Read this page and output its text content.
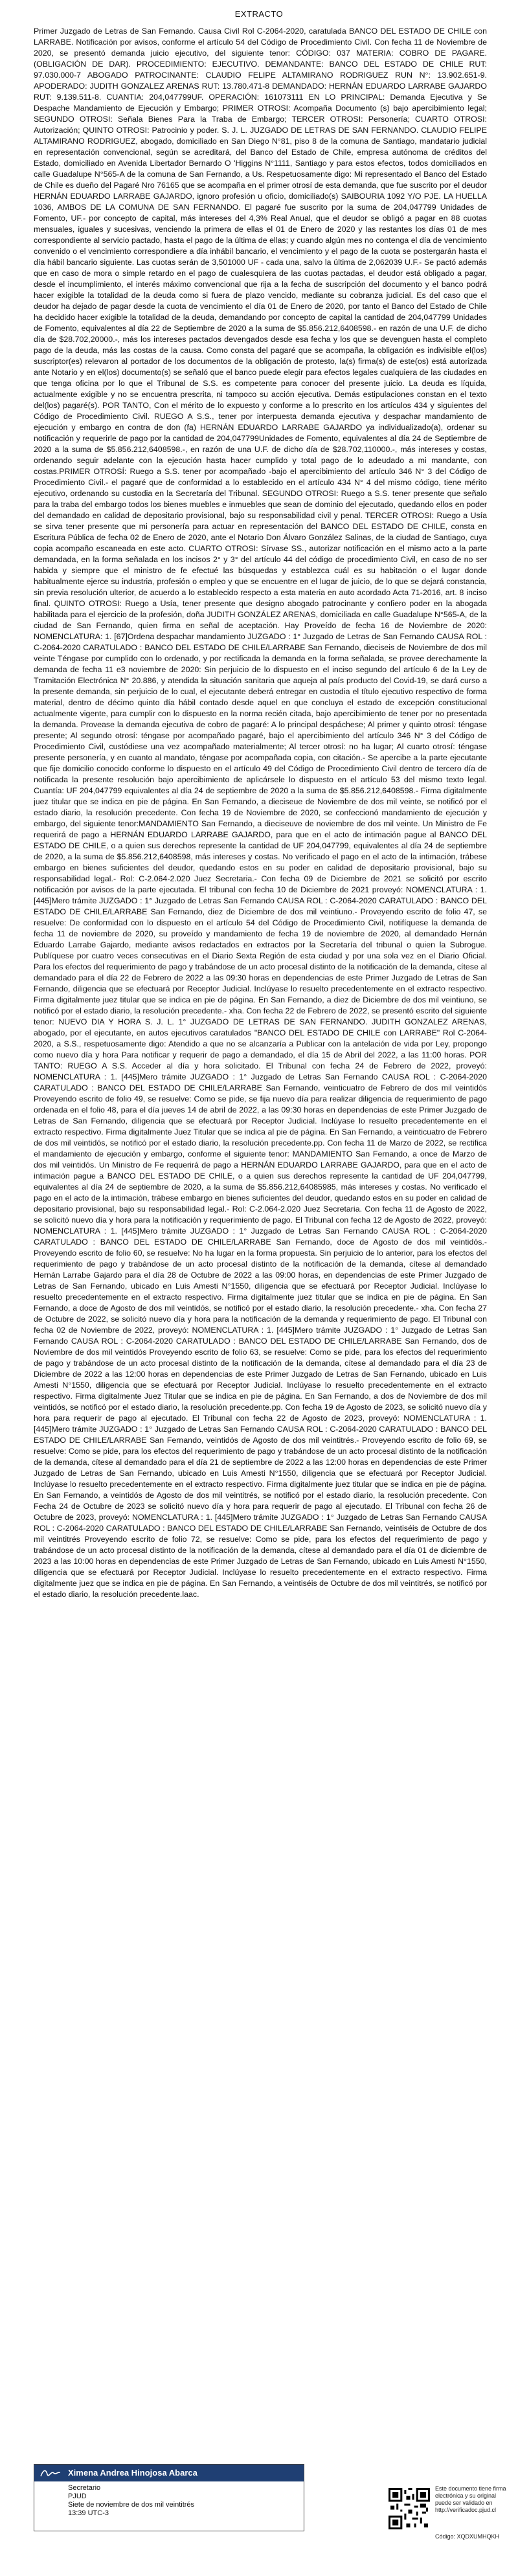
EXTRACTO

Primer Juzgado de Letras de San Fernando. Causa Civil Rol C-2064-2020, caratulada BANCO DEL ESTADO DE CHILE con LARRABE. Notificación por avisos, conforme el artículo 54 del Código de Procedimiento Civil. Con fecha 11 de Noviembre de 2020, se presentó demanda juicio ejecutivo, del siguiente tenor: CÓDIGO: 037 MATERIA: COBRO DE PAGARE. (OBLIGACIÓN DE DAR). PROCEDIMIENTO: EJECUTIVO. DEMANDANTE: BANCO DEL ESTADO DE CHILE RUT: 97.030.000-7 ABOGADO PATROCINANTE: CLAUDIO FELIPE ALTAMIRANO RODRIGUEZ RUN N°: 13.902.651-9. APODERADO: JUDITH GONZALEZ ARENAS RUT: 13.780.471-8 DEMANDADO: HERNÁN EDUARDO LARRABE GAJARDO RUT: 9.139.511-8. CUANTIA: 204,047799UF. OPERACIÓN: 161073111 EN LO PRINCIPAL: Demanda Ejecutiva y Se Despache Mandamiento de Ejecución y Embargo; PRIMER OTROSI: Acompaña Documento (s) bajo apercibimiento legal; SEGUNDO OTROSI: Señala Bienes Para la Traba de Embargo; TERCER OTROSI: Personería; CUARTO OTROSI: Autorización; QUINTO OTROSI: Patrocinio y poder. S. J. L. JUZGADO DE LETRAS DE SAN FERNANDO. CLAUDIO FELIPE ALTAMIRANO RODRIGUEZ, abogado, domiciliado en San Diego N°81, piso 8 de la comuna de Santiago, mandatario judicial en representación convencional, según se acreditará, del Banco del Estado de Chile, empresa autónoma de créditos del Estado, domiciliado en Avenida Libertador Bernardo O 'Higgins N°1111, Santiago y para estos efectos, todos domiciliados en calle Guadalupe N°565-A de la comuna de San Fernando, a Us. Respetuosamente digo: Mi representado el Banco del Estado de Chile es dueño del Pagaré Nro 76165 que se acompaña en el primer otrosí de esta demanda, que fue suscrito por el deudor HERNÁN EDUARDO LARRABE GAJARDO, ignoro profesión u oficio, domiciliado(s) SAIBOURIA 1092 Y/O PJE. LA HUELLA 1036, AMBOS DE LA COMUNA DE SAN FERNANDO. El pagaré fue suscrito por la suma de 204,047799 Unidades de Fomento, UF.- por concepto de capital, más intereses del 4,3% Real Anual, que el deudor se obligó a pagar en 88 cuotas mensuales, iguales y sucesivas, venciendo la primera de ellas el 01 de Enero de 2020 y las restantes los días 01 de mes correspondiente al servicio pactado, hasta el pago de la última de ellas; y cuando algún mes no contenga el día de vencimiento convenido o el vencimiento correspondiere a día inhábil bancario, el vencimiento y el pago de la cuota se postergarán hasta el día hábil bancario siguiente. Las cuotas serán de 3,501000 UF - cada una, salvo la última de 2,062039 U.F.- Se pactó además que en caso de mora o simple retardo en el pago de cualesquiera de las cuotas pactadas, el deudor está obligado a pagar, desde el incumplimiento, el interés máximo convencional que rija a la fecha de suscripción del documento y el banco podrá hacer exigible la totalidad de la deuda como si fuera de plazo vencido, mediante su cobranza judicial. Es del caso que el deudor ha dejado de pagar desde la cuota de vencimiento el día 01 de Enero de 2020, por tanto el Banco del Estado de Chile ha decidido hacer exigible la totalidad de la deuda, demandando por concepto de capital la cantidad de 204,047799 Unidades de Fomento, equivalentes al día 22 de Septiembre de 2020 a la suma de $5.856.212,6408598.- en razón de una U.F. de dicho día de $28.702,20000.-, más los intereses pactados devengados desde esa fecha y los que se devenguen hasta el completo pago de la deuda, más las costas de la causa. Como consta del pagaré que se acompaña, la obligación es indivisible el(los) suscriptor(es) relevaron al portador de los documentos de la obligación de protesto, la(s) firma(s) de este(os) está autorizada ante Notario y en el(los) documento(s) se señaló que el banco puede elegir para efectos legales cualquiera de las ciudades en que tenga oficina por lo que el Tribunal de S.S. es competente para conocer del presente juicio. La deuda es líquida, actualmente exigible y no se encuentra prescrita, ni tampoco su acción ejecutiva. Demás estipulaciones constan en el texto del(los) pagaré(s). POR TANTO, Con el mérito de lo expuesto y conforme a lo prescrito en los artículos 434 y siguientes del Código de Procedimiento Civil. RUEGO A S.S., tener por interpuesta demanda ejecutiva y despachar mandamiento de ejecución y embargo en contra de don (fa) HERNÁN EDUARDO LARRABE GAJARDO ya individualizado(a), ordenar su notificación y requerirle de pago por la cantidad de 204,047799Unidades de Fomento, equivalentes al día 24 de Septiembre de 2020 a la suma de $5.856.212,6408598.-, en razón de una U.F. de dicho día de $28.702,110000.-, más intereses y costas, ordenando seguir adelante con la ejecución hasta hacer cumplido y total pago de lo adeudado a mi mandante, con costas.PRIMER OTROSÍ: Ruego a S.S. tener por acompañado -bajo el apercibimiento del artículo 346 N° 3 del Código de Procedimiento Civil.- el pagaré que de conformidad a lo establecido en el artículo 434 N° 4 del mismo código, tiene mérito ejecutivo, ordenando su custodia en la Secretaría del Tribunal. SEGUNDO OTROSI: Ruego a S.S. tener presente que señalo para la traba del embargo todos los bienes muebles e inmuebles que sean de dominio del ejecutado, quedando ellos en poder del demandado en calidad de depositario provisional, bajo su responsabilidad civil y penal. TERCER OTROSI: Ruego a Usía se sirva tener presente que mi personería para actuar en representación del BANCO DEL ESTADO DE CHILE, consta en Escritura Pública de fecha 02 de Enero de 2020, ante el Notario Don Álvaro González Salinas, de la ciudad de Santiago, cuya copia acompaño escaneada en este acto. CUARTO OTROSI: Sírvase SS., autorizar notificación en el mismo acto a la parte demandada, en la forma señalada en los incisos 2° y 3° del artículo 44 del código de procedimiento Civil, en caso de no ser habida y siempre que el ministro de fe efectué las búsquedas y establezca cuál es su habitación o el lugar donde habitualmente ejerce su industria, profesión o empleo y que se encuentre en el lugar de juicio, de lo que se dejará constancia, sin previa resolución ulterior, de acuerdo a lo establecido respecto a esta materia en auto acordado Acta 71-2016, art. 8 inciso final. QUINTO OTROSI: Ruego a Usía, tener presente que designo abogado patrocinante y confiero poder en la abogada habilitada para el ejercicio de la profesión, doña JUDITH GONZÁLEZ ARENAS, domiciliada en calle Guadalupe N°565-A, de la ciudad de San Fernando, quien firma en señal de aceptación. Hay Proveído de fecha 16 de Noviembre de 2020: NOMENCLATURA: 1. [67]Ordena despachar mandamiento JUZGADO : 1° Juzgado de Letras de San Fernando CAUSA ROL : C-2064-2020 CARATULADO : BANCO DEL ESTADO DE CHILE/LARRABE San Fernando, dieciseis de Noviembre de dos mil veinte Téngase por cumplido con lo ordenado, y por rectificada la demanda en la forma señalada, se provee derechamente la demanda de fecha 11 e3 noviembre de 2020: Sin perjuicio de lo dispuesto en el inciso segundo del artículo 6 de la Ley de Tramitación Electrónica N° 20.886, y atendida la situación sanitaria que aqueja al país producto del Covid-19, se dará curso a la presente demanda, sin perjuicio de lo cual, el ejecutante deberá entregar en custodia el título ejecutivo respectivo de forma material, dentro de décimo quinto día hábil contado desde aquel en que concluya el estado de excepción constitucional actualmente vigente, para cumplir con lo dispuesto en la norma recién citada, bajo apercibimiento de tener por no presentada la demanda. Provease la demanda ejecutiva de cobro de pagaré: A lo principal despáchese; Al primer y quinto otrosí: téngase presente; Al segundo otrosí: téngase por acompañado pagaré, bajo el apercibimiento del artículo 346 N° 3 del Código de Procedimiento Civil, custódiese una vez acompañado materialmente; Al tercer otrosí: no ha lugar; Al cuarto otrosí: téngase presente personería, y en cuanto al mandato, téngase por acompañada copia, con citación.- Se apercibe a la parte ejecutante que fije domicilio conocido conforme lo dispuesto en el artículo 49 del Código de Procedimiento Civil dentro de tercero día de notificada la presente resolución bajo apercibimiento de aplicársele lo dispuesto en el artículo 53 del mismo texto legal. Cuantía: UF 204,047799 equivalentes al día 24 de septiembre de 2020 a la suma de $5.856.212,6408598.- Firma digitalmente juez titular que se indica en pie de página. En San Fernando, a dieciseue de Noviembre de dos mil veinte, se notificó por el estado diario, la resolución precedente. Con fecha 19 de Noviembre de 2020, se confeccionó mandamiento de ejecución y embargo, del siguiente tenor:MANDAMIENTO San Fernando, a dieciseuve de noviembre de dos mil veinte. Un Ministro de Fe requerirá de pago a HERNÁN EDUARDO LARRABE GAJARDO, para que en el acto de intimación pague al BANCO DEL ESTADO DE CHILE, o a quien sus derechos represente la cantidad de UF 204,047799, equivalentes al día 24 de septiembre de 2020, a la suma de $5.856.212,6408598, más intereses y costas. No verificado el pago en el acto de la intimación, trábese embargo en bienes suficientes del deudor, quedando estos en su poder en calidad de depositario provisional, bajo su responsabilidad legal.- Rol: C-2.064-2.020 Juez Secretaria.- Con fecha 09 de Diciembre de 2021 se solicitó por escrito notificación por avisos de la parte ejecutada. El tribunal con fecha 10 de Diciembre de 2021 proveyó: NOMENCLATURA : 1. [445]Mero trámite JUZGADO : 1° Juzgado de Letras San Fernando CAUSA ROL : C-2064-2020 CARATULADO : BANCO DEL ESTADO DE CHILE/LARRABE San Fernando, diez de Diciembre de dos mil veintiuno.- Proveyendo escrito de folio 47, se resuelve: De conformidad con lo dispuesto en el artículo 54 del Código de Procedimiento Civil, notifíquese la demanda de fecha 11 de noviembre de 2020, su proveído y mandamiento de fecha 19 de noviembre de 2020, al demandado Hernán Eduardo Larrabe Gajardo, mediante avisos redactados en extractos por la Secretaría del tribunal o quien la Subrogue. Publíquese por cuatro veces consecutivas en el Diario Sexta Región de esta ciudad y por una sola vez en el Diario Oficial. Para los efectos del requerimiento de pago y trabándose de un acto procesal distinto de la notificación de la demanda, cítese al demandado para el día 22 de Febrero de 2022 a las 09:30 horas en dependencias de este Primer Juzgado de Letras de San Fernando, diligencia que se efectuará por Receptor Judicial. Inclúyase lo resuelto precedentemente en el extracto respectivo. Firma digitalmente juez titular que se indica en pie de página. En San Fernando, a diez de Diciembre de dos mil veintiuno, se notificó por el estado diario, la resolución precedente.- xha. Con fecha 22 de Febrero de 2022, se presentó escrito del siguiente tenor: NUEVO DIA Y HORA S. J. L. 1° JUZGADO DE LETRAS DE SAN FERNANDO. JUDITH GONZALEZ ARENAS, abogado, por el ejecutante, en autos ejecutivos caratulados "BANCO DEL ESTADO DE CHILE con LARRABE" Rol C-2064-2020, a S.S., respetuosamente digo: Atendido a que no se alcanzaría a Publicar con la antelación de vida por Ley, propongo como nuevo día y hora Para notificar y requerir de pago a demandado, el día 15 de Abril del 2022, a las 11:00 horas. POR TANTO: RUEGO A S.S. Acceder al día y hora solicitado. El Tribunal con fecha 24 de Febrero de 2022, proveyó: NOMENCLATURA : 1. [445]Mero trámite JUZGADO : 1° Juzgado de Letras San Fernando CAUSA ROL : C-2064-2020 CARATULADO : BANCO DEL ESTADO DE CHILE/LARRABE San Fernando, veinticuatro de Febrero de dos mil veintidós Proveyendo escrito de folio 49, se resuelve: Como se pide, se fija nuevo día para realizar diligencia de requerimiento de pago ordenada en el folio 48, para el día jueves 14 de abril de 2022, a las 09:30 horas en dependencias de este Primer Juzgado de Letras de San Fernando, diligencia que se efectuará por Receptor Judicial. Inclúyase lo resuelto precedentemente en el extracto respectivo. Firma digitalmente Juez Titular que se indica al pie de página. En San Fernando, a veinticuatro de Febrero de dos mil veintidós, se notificó por el estado diario, la resolución precedente.pp. Con fecha 11 de Marzo de 2022, se rectifica el mandamiento de ejecución y embargo, conforme el siguiente tenor: MANDAMIENTO San Fernando, a once de Marzo de dos mil veintidós. Un Ministro de Fe requerirá de pago a HERNÁN EDUARDO LARRABE GAJARDO, para que en el acto de intimación pague a BANCO DEL ESTADO DE CHILE, o a quien sus derechos represente la cantidad de UF 204,047799, equivalentes al día 24 de septiembre de 2020, a la suma de $5.856.212,64085985, más intereses y costas. No verificado el pago en el acto de la intimación, trábese embargo en bienes suficientes del deudor, quedando estos en su poder en calidad de depositario provisional, bajo su responsabilidad legal.- Rol: C-2.064-2.020 Juez Secretaria. Con fecha 11 de Agosto de 2022, se solicitó nuevo día y hora para la notificación y requerimiento de pago. El Tribunal con fecha 12 de Agosto de 2022, proveyó: NOMENCLATURA : 1. [445]Mero trámite JUZGADO : 1° Juzgado de Letras San Fernando CAUSA ROL : C-2064-2020 CARATULADO : BANCO DEL ESTADO DE CHILE/LARRABE San Fernando, doce de Agosto de dos mil veintidós.- Proveyendo escrito de folio 60, se resuelve: No ha lugar en la forma propuesta. Sin perjuicio de lo anterior, para los efectos del requerimiento de pago y trabándose de un acto procesal distinto de la notificación de la demanda, cítese al demandado Hernán Larrabe Gajardo para el día 28 de Octubre de 2022 a las 09:00 horas, en dependencias de este Primer Juzgado de Letras de San Fernando, ubicado en Luis Amesti N°1550, diligencia que se efectuará por Receptor Judicial. Inclúyase lo resuelto precedentemente en el extracto respectivo. Firma digitalmente juez titular que se indica en pie de página. En San Fernando, a doce de Agosto de dos mil veintidós, se notificó por el estado diario, la resolución precedente.- xha. Con fecha 27 de Octubre de 2022, se solicitó nuevo día y hora para la notificación de la demanda y requerimiento de pago. El Tribunal con fecha 02 de Noviembre de 2022, proveyó: NOMENCLATURA : 1. [445]Mero trámite JUZGADO : 1° Juzgado de Letras San Fernando CAUSA ROL : C-2064-2020 CARATULADO : BANCO DEL ESTADO DE CHILE/LARRABE San Fernando, dos de Noviembre de dos mil veintidós Proveyendo escrito de folio 63, se resuelve: Como se pide, para los efectos del requerimiento de pago y trabándose de un acto procesal distinto de la notificación de la demanda, cítese al demandado para el día 23 de Diciembre de 2022 a las 12:00 horas en dependencias de este Primer Juzgado de Letras de San Fernando, ubicado en Luis Amesti N°1550, diligencia que se efectuará por Receptor Judicial. Inclúyase lo resuelto precedentemente en el extracto respectivo. Firma digitalmente Juez Titular que se indica en pie de página. En San Fernando, a dos de Noviembre de dos mil veintidós, se notificó por el estado diario, la resolución precedente.pp. Con fecha 19 de Agosto de 2023, se solicitó nuevo día y hora para requerir de pago al ejecutado. El Tribunal con fecha 22 de Agosto de 2023, proveyó: NOMENCLATURA : 1. [445]Mero trámite JUZGADO : 1° Juzgado de Letras San Fernando CAUSA ROL : C-2064-2020 CARATULADO : BANCO DEL ESTADO DE CHILE/LARRABE San Fernando, veintidós de Agosto de dos mil veintitrés.- Proveyendo escrito de folio 69, se resuelve: Como se pide, para los efectos del requerimiento de pago y trabándose de un acto procesal distinto de la notificación de la demanda, cítese al demandado para el día 21 de septiembre de 2022 a las 12:00 horas en dependencias de este Primer Juzgado de Letras de San Fernando, ubicado en Luis Amesti N°1550, diligencia que se efectuará por Receptor Judicial. Inclúyase lo resuelto precedentemente en el extracto respectivo. Firma digitalmente juez titular que se indica en pie de página. En San Fernando, a veintidós de Agosto de dos mil veintitrés, se notificó por el estado diario, la resolución precedente. Con Fecha 24 de Octubre de 2023 se solicitó nuevo día y hora para requerir de pago al ejecutado. El Tribunal con fecha 26 de Octubre de 2023, proveyó: NOMENCLATURA : 1. [445]Mero trámite JUZGADO : 1° Juzgado de Letras San Fernando CAUSA ROL : C-2064-2020 CARATULADO : BANCO DEL ESTADO DE CHILE/LARRABE San Fernando, veintiséis de Octubre de dos mil veintitrés Proveyendo escrito de folio 72, se resuelve: Como se pide, para los efectos del requerimiento de pago y trabándose de un acto procesal distinto de la notificación de la demanda, cítese al demandado para el día 01 de diciembre de 2023 a las 10:00 horas en dependencias de este Primer Juzgado de Letras de San Fernando, ubicado en Luis Amesti N°1550, diligencia que se efectuará por Receptor Judicial. Inclúyase lo resuelto precedentemente en el extracto respectivo. Firma digitalmente juez que se indica en pie de página. En San Fernando, a veintiséis de Octubre de dos mil veintitrés, se notificó por el estado diario, la resolución precedente.laac.

Ximena Andrea Hinojosa Abarca
Secretario
PJUD
Siete de noviembre de dos mil veintitrés
13:39 UTC-3
Este documento tiene firma electrónica y su original puede ser validado en http://verificadoc.pjud.cl
Código: XQDXUMHQKH
